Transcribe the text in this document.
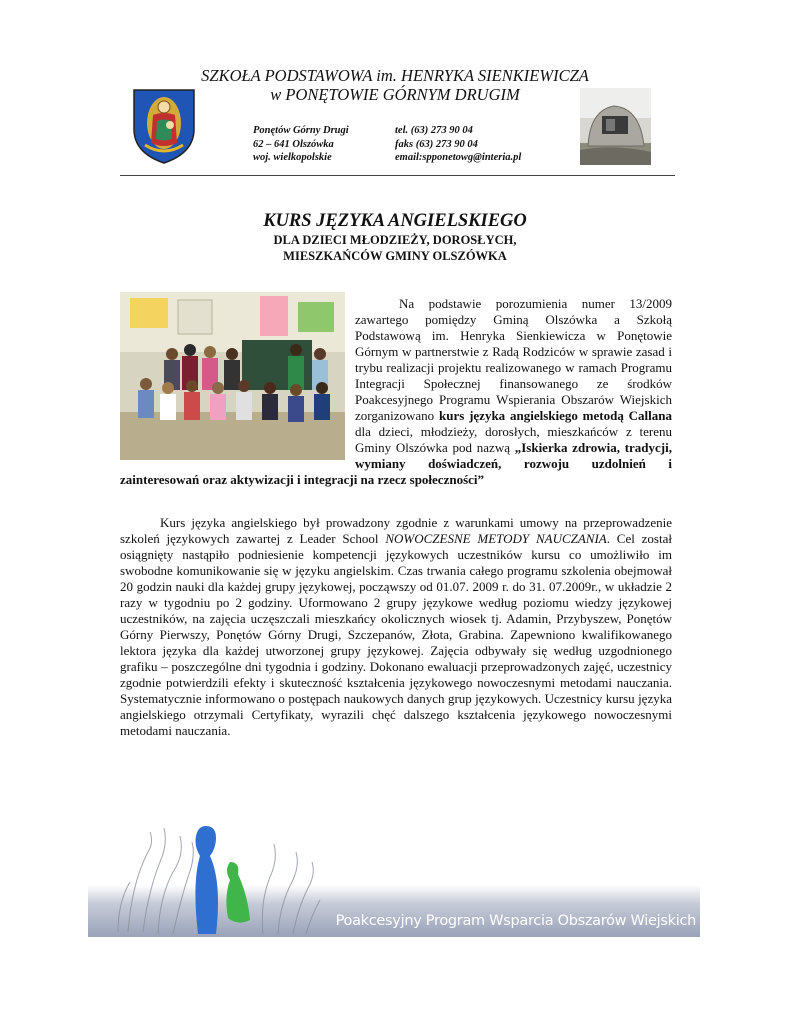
SZKOŁA PODSTAWOWA im. HENRYKA SIENKIEWICZA
w PONĘTOWIE GÓRNYM DRUGIM
Ponętów Górny Drugi
62 – 641 Olszówka
woj. wielkopolskie
tel. (63) 273 90 04
faks (63) 273 90 04
email:spponetowg@interia.pl
KURS JĘZYKA ANGIELSKIEGO
DLA DZIECI MŁODZIEŻY, DOROSŁYCH,
MIESZKAŃCÓW GMINY OLSZÓWKA
Na podstawie porozumienia numer 13/2009 zawartego pomiędzy Gminą Olszówka a Szkołą Podstawową im. Henryka Sienkiewicza w Ponętowie Górnym w partnerstwie z Radą Rodziców w sprawie zasad i trybu realizacji projektu realizowanego w ramach Programu Integracji Społecznej finansowanego ze środków Poakcesyjnego Programu Wspierania Obszarów Wiejskich zorganizowano kurs języka angielskiego metodą Callana dla dzieci, młodzieży, dorosłych, mieszkańców z terenu Gminy Olszówka pod nazwą „Iskierka zdrowia, tradycji, wymiany doświadczeń, rozwoju uzdolnień i zainteresowań oraz aktywizacji i integracji na rzecz społeczności”
Kurs języka angielskiego był prowadzony zgodnie z warunkami umowy na przeprowadzenie szkoleń językowych zawartej z Leader School NOWOCZESNE METODY NAUCZANIA. Cel został osiągnięty nastąpiło podniesienie kompetencji językowych uczestników kursu co umożliwiło im swobodne komunikowanie się w języku angielskim. Czas trwania całego programu szkolenia obejmował 20 godzin nauki dla każdej grupy językowej, począwszy od 01.07. 2009 r. do 31. 07.2009r., w układzie 2 razy w tygodniu po 2 godziny. Uformowano 2 grupy językowe według poziomu wiedzy językowej uczestników, na zajęcia uczęszczali mieszkańcy okolicznych wiosek tj. Adamin, Przybyszew, Ponętów Górny Pierwszy, Ponętów Górny Drugi, Szczepanów, Złota, Grabina. Zapewniono kwalifikowanego lektora języka dla każdej utworzonej grupy językowej. Zajęcia odbywały się według uzgodnionego grafiku – poszczególne dni tygodnia i godziny. Dokonano ewaluacji przeprowadzonych zajęć, uczestnicy zgodnie potwierdzili efekty i skuteczność kształcenia językowego nowoczesnymi metodami nauczania. Systematycznie informowano o postępach naukowych danych grup językowych. Uczestnicy kursu języka angielskiego otrzymali Certyfikaty, wyrazili chęć dalszego kształcenia językowego nowoczesnymi metodami nauczania.
Poakcesyjny Program Wsparcia Obszarów Wiejskich
